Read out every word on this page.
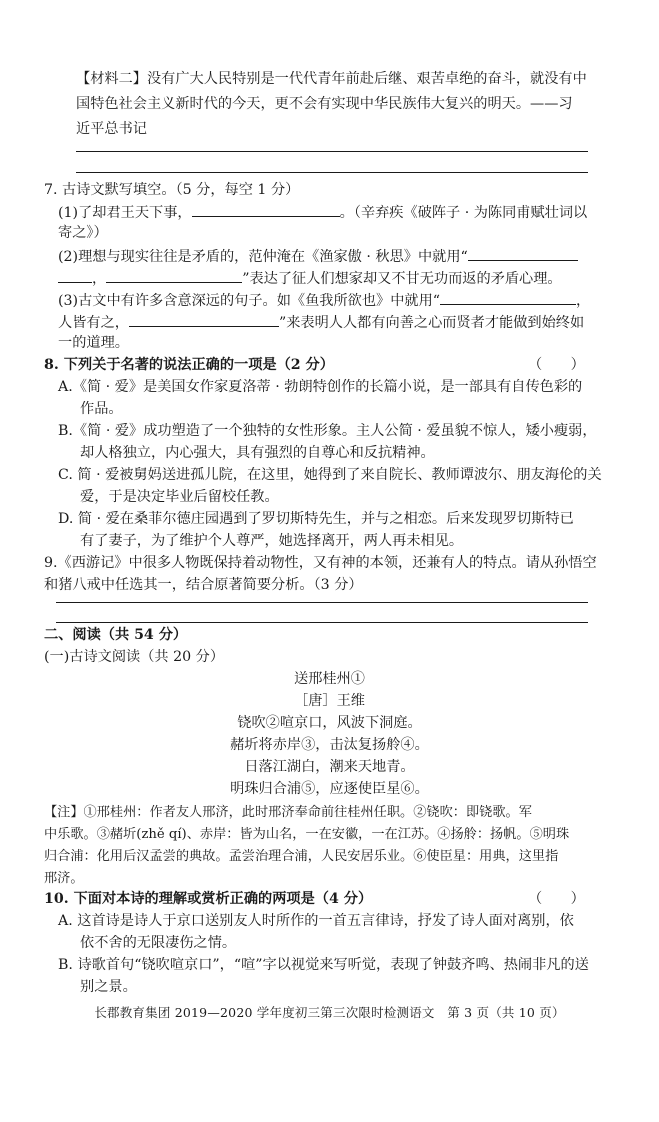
【材料二】没有广大人民特别是一代代青年前赴后继、艰苦卓绝的奋斗，就没有中
国特色社会主义新时代的今天，更不会有实现中华民族伟大复兴的明天。——习
近平总书记
7. 古诗文默写填空。（5 分，每空 1 分）
(1)了却君王天下事，	。（辛弃疾《破阵子 · 为陈同甫赋壮词以
寄之》）
(2)理想与现实往往是矛盾的，范仲淹在《渔家傲 · 秋思》中就用“
，	”表达了征人们想家却又不甘无功而返的矛盾心理。
(3)古文中有许多含意深远的句子。如《鱼我所欲也》中就用“	，
人皆有之，	”来表明人人都有向善之心而贤者才能做到始终如
一的道理。
8. 下列关于名著的说法正确的一项是（2 分）	（　　）
A.《简 · 爱》是美国女作家夏洛蒂 · 勃朗特创作的长篇小说，是一部具有自传色彩的
作品。
B.《简 · 爱》成功塑造了一个独特的女性形象。主人公简 · 爱虽貌不惊人，矮小瘦弱，
却人格独立，内心强大，具有强烈的自尊心和反抗精神。
C. 简 · 爱被舅妈送进孤儿院，在这里，她得到了来自院长、教师谭波尔、朋友海伦的关
爱，于是决定毕业后留校任教。
D. 简 · 爱在桑菲尔德庄园遇到了罗切斯特先生，并与之相恋。后来发现罗切斯特已
有了妻子，为了维护个人尊严，她选择离开，两人再未相见。
9.《西游记》中很多人物既保持着动物性，又有神的本领，还兼有人的特点。请从孙悟空
和猪八戒中任选其一，结合原著简要分析。（3 分）
二、阅读（共 54 分）
(一)古诗文阅读（共 20 分）
送邢桂州①
［唐］王维
铙吹②喧京口，风波下洞庭。
赭圻将赤岸③，击汰复扬舲④。
日落江湖白，潮来天地青。
明珠归合浦⑤，应逐使臣星⑥。
【注】①邢桂州：作者友人邢济，此时邢济奉命前往桂州任职。②铙吹：即铙歌。军
中乐歌。③赭圻(zhě qí)、赤岸：皆为山名，一在安徽，一在江苏。④扬舲：扬帆。⑤明珠
归合浦：化用后汉孟尝的典故。孟尝治理合浦，人民安居乐业。⑥使臣星：用典，这里指
邢济。
10. 下面对本诗的理解或赏析正确的两项是（4 分）	（　　）
A. 这首诗是诗人于京口送别友人时所作的一首五言律诗，抒发了诗人面对离别，依
依不舍的无限凄伤之情。
B. 诗歌首句“铙吹喧京口”，“喧”字以视觉来写听觉，表现了钟鼓齐鸣、热闹非凡的送
别之景。
长郡教育集团 2019—2020 学年度初三第三次限时检测语文　第 3 页（共 10 页）
